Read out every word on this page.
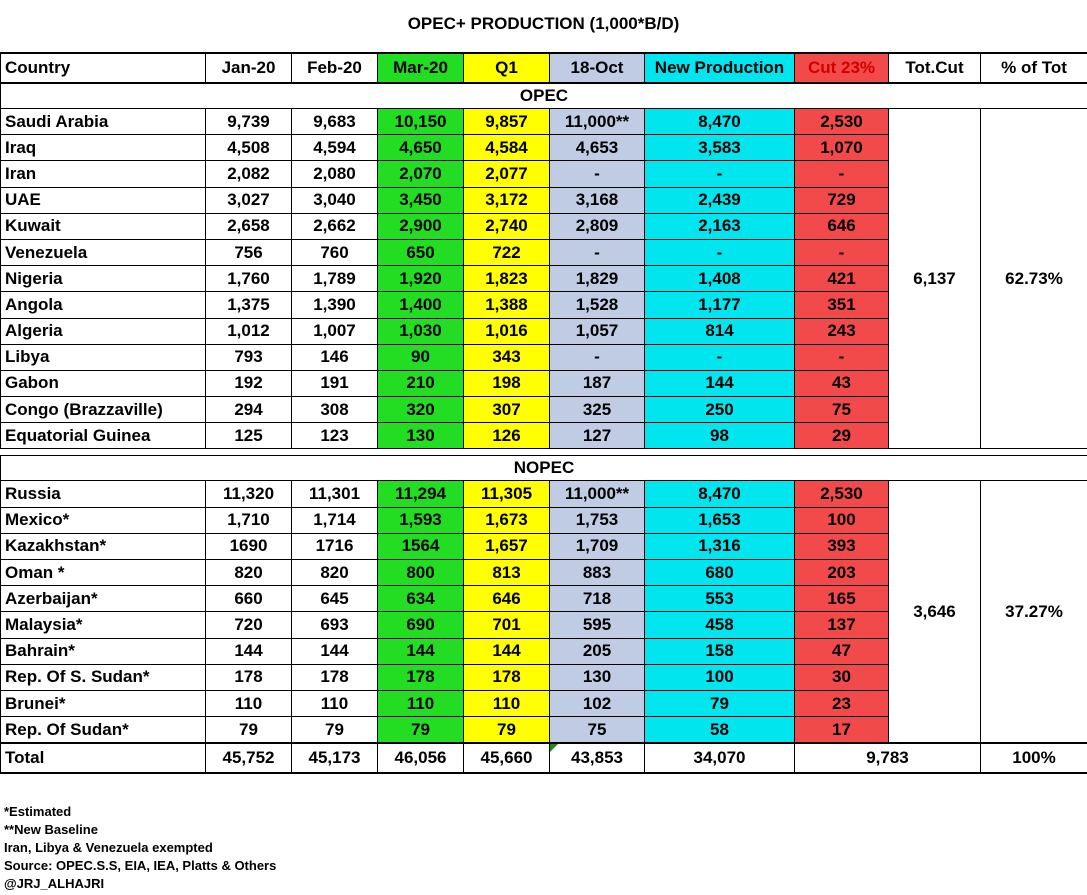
OPEC+ PRODUCTION (1,000*B/D)
Country	Jan-20	Feb-20	Mar-20	Q1	18-Oct	New Production	Cut 23%	Tot.Cut	% of Tot
OPEC									
Saudi Arabia	9,739	9,683	10,150	9,857	11,000**	8,470	2,530	6,137	62.73%
Iraq	4,508	4,594	4,650	4,584	4,653	3,583	1,070		
Iran	2,082	2,080	2,070	2,077	-	-	-		
UAE	3,027	3,040	3,450	3,172	3,168	2,439	729		
Kuwait	2,658	2,662	2,900	2,740	2,809	2,163	646		
Venezuela	756	760	650	722	-	-	-		
Nigeria	1,760	1,789	1,920	1,823	1,829	1,408	421		
Angola	1,375	1,390	1,400	1,388	1,528	1,177	351		
Algeria	1,012	1,007	1,030	1,016	1,057	814	243		
Libya	793	146	90	343	-	-	-		
Gabon	192	191	210	198	187	144	43		
Congo (Brazzaville)	294	308	320	307	325	250	75		
Equatorial Guinea	125	123	130	126	127	98	29		

NOPEC									
Russia	11,320	11,301	11,294	11,305	11,000**	8,470	2,530	3,646	37.27%
Mexico*	1,710	1,714	1,593	1,673	1,753	1,653	100		
Kazakhstan*	1690	1716	1564	1,657	1,709	1,316	393		
Oman *	820	820	800	813	883	680	203		
Azerbaijan*	660	645	634	646	718	553	165		
Malaysia*	720	693	690	701	595	458	137		
Bahrain*	144	144	144	144	205	158	47		
Rep. Of S. Sudan*	178	178	178	178	130	100	30		
Brunei*	110	110	110	110	102	79	23		
Rep. Of Sudan*	79	79	79	79	75	58	17		
Total	45,752	45,173	46,056	45,660	43,853	34,070	9,783		100%
*Estimated
**New Baseline
Iran, Libya & Venezuela exempted
Source: OPEC.S.S, EIA, IEA, Platts & Others
@JRJ_ALHAJRI
